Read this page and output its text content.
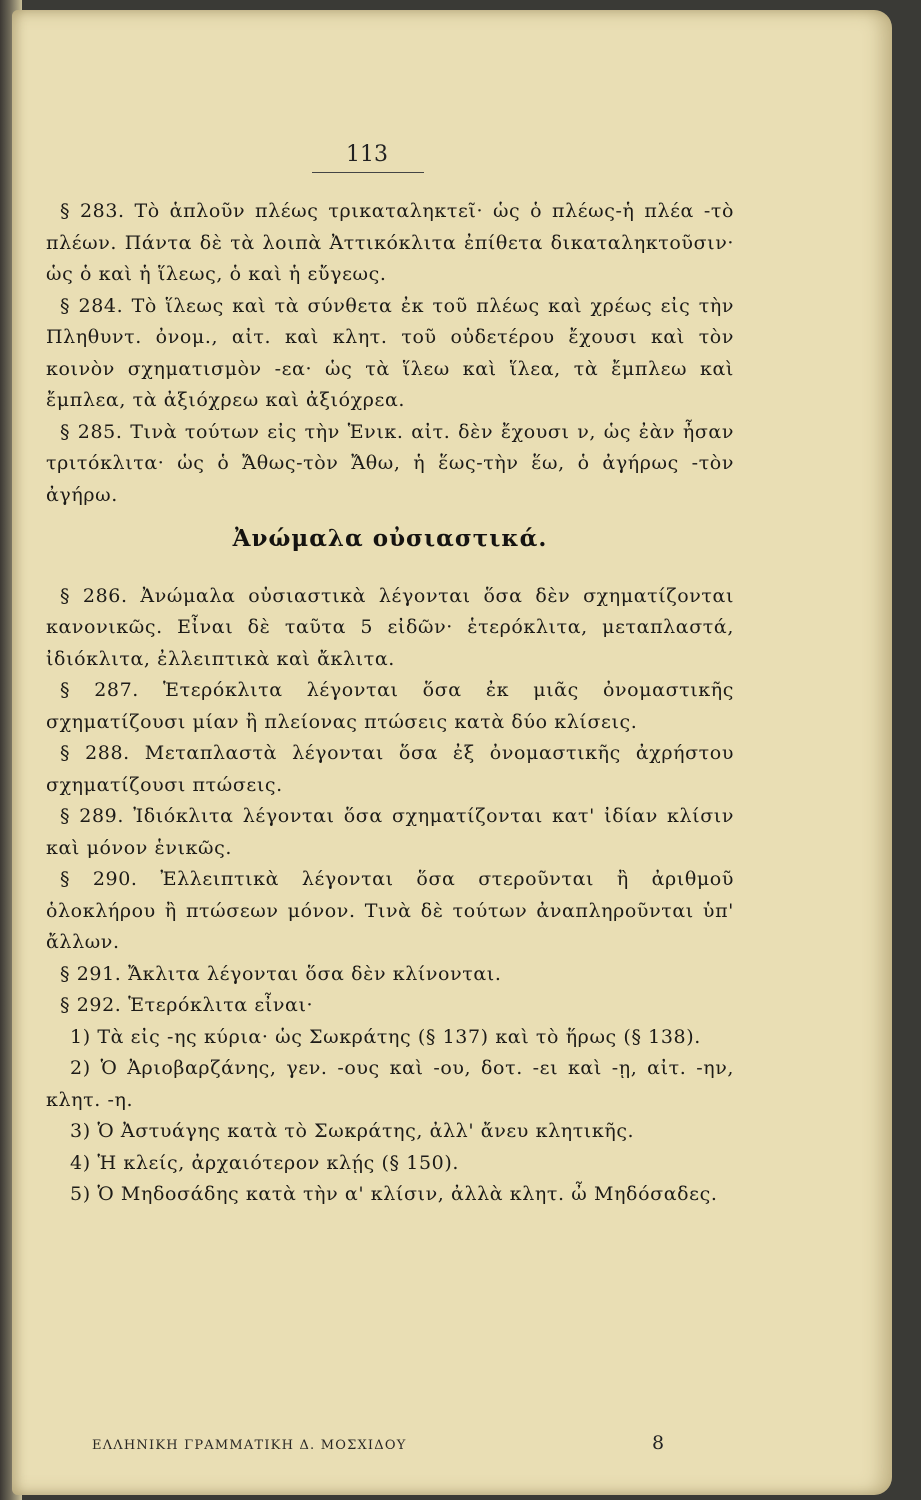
113

§ 283. Τὸ ἁπλοῦν πλέως τρικαταληκτεῖ· ὡς ὁ πλέως-ἡ πλέα -τὸ πλέων. Πάντα δὲ τὰ λοιπὰ Ἀττικόκλιτα ἐπίθετα δικαταληκτοῦσιν· ὡς ὁ καὶ ἡ ἵλεως, ὁ καὶ ἡ εὔγεως.

§ 284. Τὸ ἵλεως καὶ τὰ σύνθετα ἐκ τοῦ πλέως καὶ χρέως εἰς τὴν Πληθυντ. ὀνομ., αἰτ. καὶ κλητ. τοῦ οὐδετέρου ἔχουσι καὶ τὸν κοινὸν σχηματισμὸν -εα· ὡς τὰ ἵλεω καὶ ἵλεα, τὰ ἔμπλεω καὶ ἔμπλεα, τὰ ἀξιόχρεω καὶ ἀξιόχρεα.

§ 285. Τινὰ τούτων εἰς τὴν Ἑνικ. αἰτ. δὲν ἔχουσι ν, ὡς ἐὰν ἦσαν τριτόκλιτα· ὡς ὁ Ἄθως-τὸν Ἄθω, ἡ ἕως-τὴν ἕω, ὁ ἀγήρως -τὸν ἀγήρω.

Ἀνώμαλα οὐσιαστικά.

§ 286. Ἀνώμαλα οὐσιαστικὰ λέγονται ὅσα δὲν σχηματίζονται κανονικῶς. Εἶναι δὲ ταῦτα 5 εἰδῶν· ἑτερόκλιτα, μεταπλαστά, ἰδιόκλιτα, ἐλλειπτικὰ καὶ ἄκλιτα.

§ 287. Ἑτερόκλιτα λέγονται ὅσα ἐκ μιᾶς ὀνομαστικῆς σχηματίζουσι μίαν ἢ πλείονας πτώσεις κατὰ δύο κλίσεις.

§ 288. Μεταπλαστὰ λέγονται ὅσα ἐξ ὀνομαστικῆς ἀχρήστου σχηματίζουσι πτώσεις.

§ 289. Ἰδιόκλιτα λέγονται ὅσα σχηματίζονται κατ' ἰδίαν κλίσιν καὶ μόνον ἑνικῶς.

§ 290. Ἐλλειπτικὰ λέγονται ὅσα στεροῦνται ἢ ἀριθμοῦ ὁλοκλήρου ἢ πτώσεων μόνον. Τινὰ δὲ τούτων ἀναπληροῦνται ὑπ' ἄλλων.

§ 291. Ἄκλιτα λέγονται ὅσα δὲν κλίνονται.

§ 292. Ἑτερόκλιτα εἶναι·

1) Τὰ εἰς -ης κύρια· ὡς Σωκράτης (§ 137) καὶ τὸ ἥρως (§ 138).

2) Ὁ Ἀριοβαρζάνης, γεν. -ους καὶ -ου, δοτ. -ει καὶ -ῃ, αἰτ. -ην, κλητ. -η.

3) Ὁ Ἀστυάγης κατὰ τὸ Σωκράτης, ἀλλ' ἄνευ κλητικῆς.

4) Ἡ κλείς, ἀρχαιότερον κλῄς (§ 150).

5) Ὁ Μηδοσάδης κατὰ τὴν α' κλίσιν, ἀλλὰ κλητ. ὦ Μηδόσαδες.

ΕΛΛΗΝΙΚΗ ΓΡΑΜΜΑΤΙΚΗ Δ. ΜΟΣΧΙΔΟΥ	8
